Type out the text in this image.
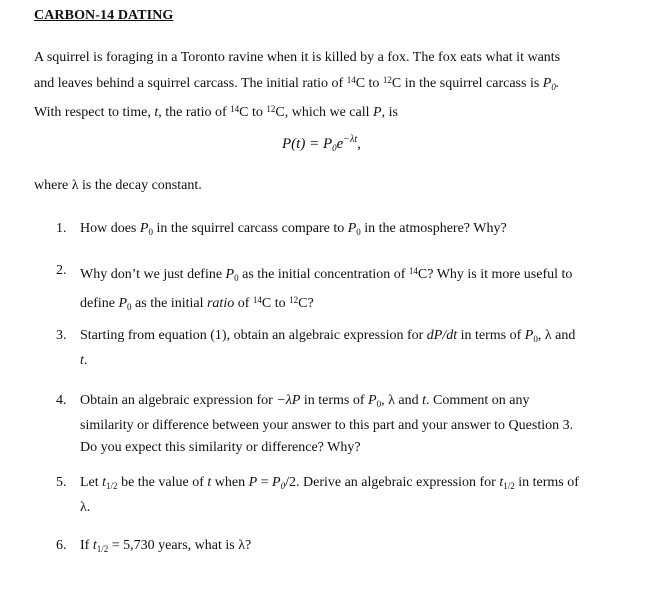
CARBON-14 DATING

A squirrel is foraging in a Toronto ravine when it is killed by a fox. The fox eats what it wants

and leaves behind a squirrel carcass. The initial ratio of $^{14}$C to $^{12}$C in the squirrel carcass is $P_0$.

With respect to time, t, the ratio of $^{14}$C to $^{12}$C, which we call P, is

$P(t) = P_0e^{-\lambda t}$,
where λ is the decay constant.
1. How does $P_0$ in the squirrel carcass compare to $P_0$ in the atmosphere? Why?
2. Why don’t we just define $P_0$ as the initial concentration of $^{14}$C? Why is it more useful to
define $P_0$ as the initial ratio of $^{14}$C to $^{12}$C?
3. Starting from equation (1), obtain an algebraic expression for dP/dt in terms of $P_0$, λ and
t.
4. Obtain an algebraic expression for −λP in terms of $P_0$, λ and t. Comment on any
similarity or difference between your answer to this part and your answer to Question 3.
Do you expect this similarity or difference? Why?
5. Let $t_{1/2}$ be the value of t when $P = P_0/2$. Derive an algebraic expression for $t_{1/2}$ in terms of
λ.
6. If $t_{1/2} = 5,730$ years, what is λ?
